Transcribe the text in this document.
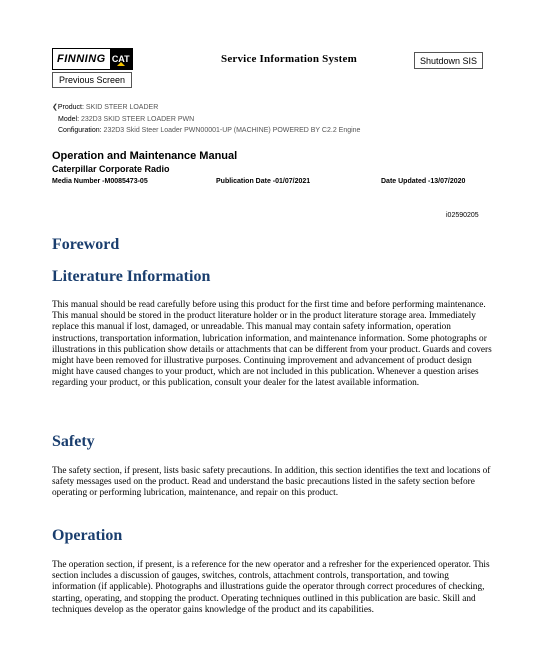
FINNING CAT
Previous Screen
Service Information System	Shutdown SIS
❮Product: SKID STEER LOADER
Model: 232D3 SKID STEER LOADER PWN
Configuration: 232D3 Skid Steer Loader PWN00001-UP (MACHINE) POWERED BY C2.2 Engine
Operation and Maintenance Manual
Caterpillar Corporate Radio
Media Number -M0085473-05	Publication Date -01/07/2021	Date Updated -13/07/2020
i02590205
Foreword
Literature Information

This manual should be read carefully before using this product for the first time and before performing maintenance. This manual should be stored in the product literature holder or in the product literature storage area. Immediately replace this manual if lost, damaged, or unreadable. This manual may contain safety information, operation instructions, transportation information, lubrication information, and maintenance information. Some photographs or illustrations in this publication show details or attachments that can be different from your product. Guards and covers might have been removed for illustrative purposes. Continuing improvement and advancement of product design might have caused changes to your product, which are not included in this publication. Whenever a question arises regarding your product, or this publication, consult your dealer for the latest available information.

Safety

The safety section, if present, lists basic safety precautions. In addition, this section identifies the text and locations of safety messages used on the product. Read and understand the basic precautions listed in the safety section before operating or performing lubrication, maintenance, and repair on this product.

Operation

The operation section, if present, is a reference for the new operator and a refresher for the experienced operator. This section includes a discussion of gauges, switches, controls, attachment controls, transportation, and towing information (if applicable). Photographs and illustrations guide the operator through correct procedures of checking, starting, operating, and stopping the product. Operating techniques outlined in this publication are basic. Skill and techniques develop as the operator gains knowledge of the product and its capabilities.
